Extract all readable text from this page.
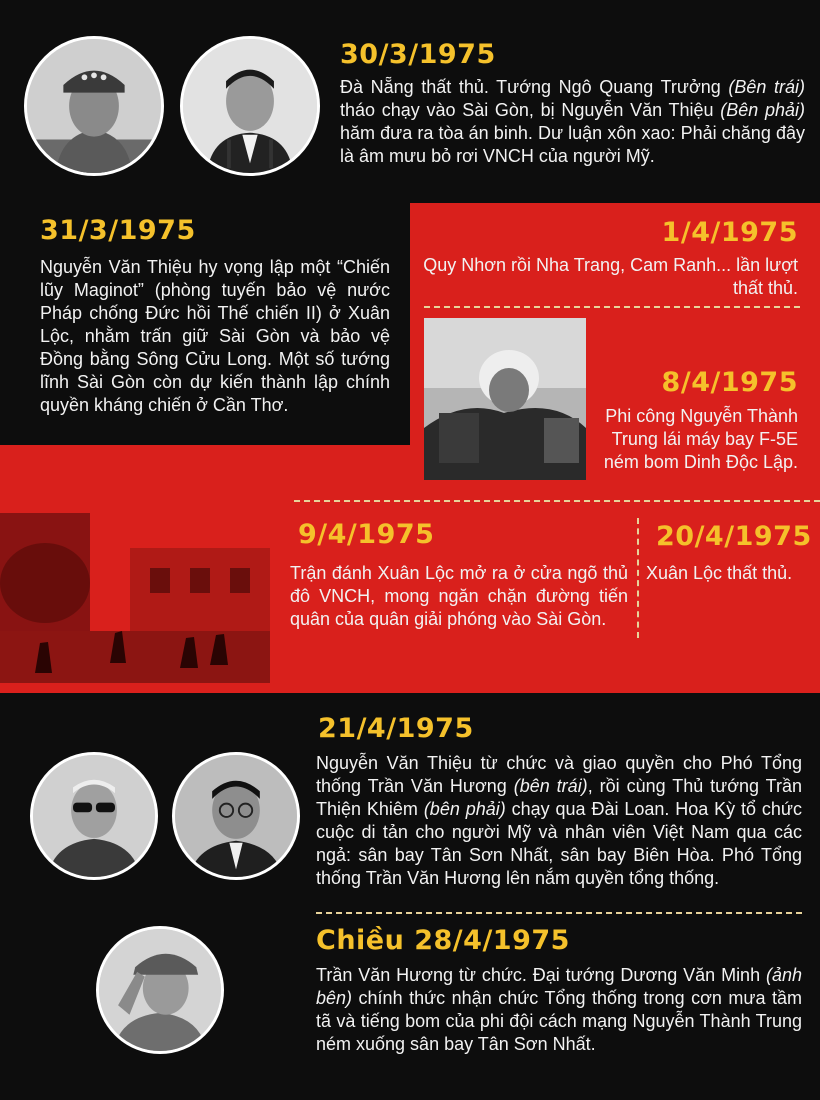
30/3/1975
Đà Nẵng thất thủ. Tướng Ngô Quang Trưởng (Bên trái) tháo chạy vào Sài Gòn, bị Nguyễn Văn Thiệu (Bên phải) hăm đưa ra tòa án binh. Dư luận xôn xao: Phải chăng đây là âm mưu bỏ rơi VNCH của người Mỹ.
31/3/1975
Nguyễn Văn Thiệu hy vọng lập một “Chiến lũy Maginot” (phòng tuyến bảo vệ nước Pháp chống Đức hồi Thế chiến II) ở Xuân Lộc, nhằm trấn giữ Sài Gòn và bảo vệ Đồng bằng Sông Cửu Long. Một số tướng lĩnh Sài Gòn còn dự kiến thành lập chính quyền kháng chiến ở Cần Thơ.
1/4/1975
Quy Nhơn rồi Nha Trang, Cam Ranh... lần lượt thất thủ.
8/4/1975
Phi công Nguyễn Thành Trung lái máy bay F-5E ném bom Dinh Độc Lập.
9/4/1975
Trận đánh Xuân Lộc mở ra ở cửa ngõ thủ đô VNCH, mong ngăn chặn đường tiến quân của quân giải phóng vào Sài Gòn.
20/4/1975
Xuân Lộc thất thủ.
21/4/1975
Nguyễn Văn Thiệu từ chức và giao quyền cho Phó Tổng thống Trần Văn Hương (bên trái), rồi cùng Thủ tướng Trần Thiện Khiêm (bên phải) chạy qua Đài Loan. Hoa Kỳ tổ chức cuộc di tản cho người Mỹ và nhân viên Việt Nam qua các ngả: sân bay Tân Sơn Nhất, sân bay Biên Hòa. Phó Tổng thống Trần Văn Hương lên nắm quyền tổng thống.
Chiều 28/4/1975
Trần Văn Hương từ chức. Đại tướng Dương Văn Minh (ảnh bên) chính thức nhận chức Tổng thống trong cơn mưa tầm tã và tiếng bom của phi đội cách mạng Nguyễn Thành Trung ném xuống sân bay Tân Sơn Nhất.
